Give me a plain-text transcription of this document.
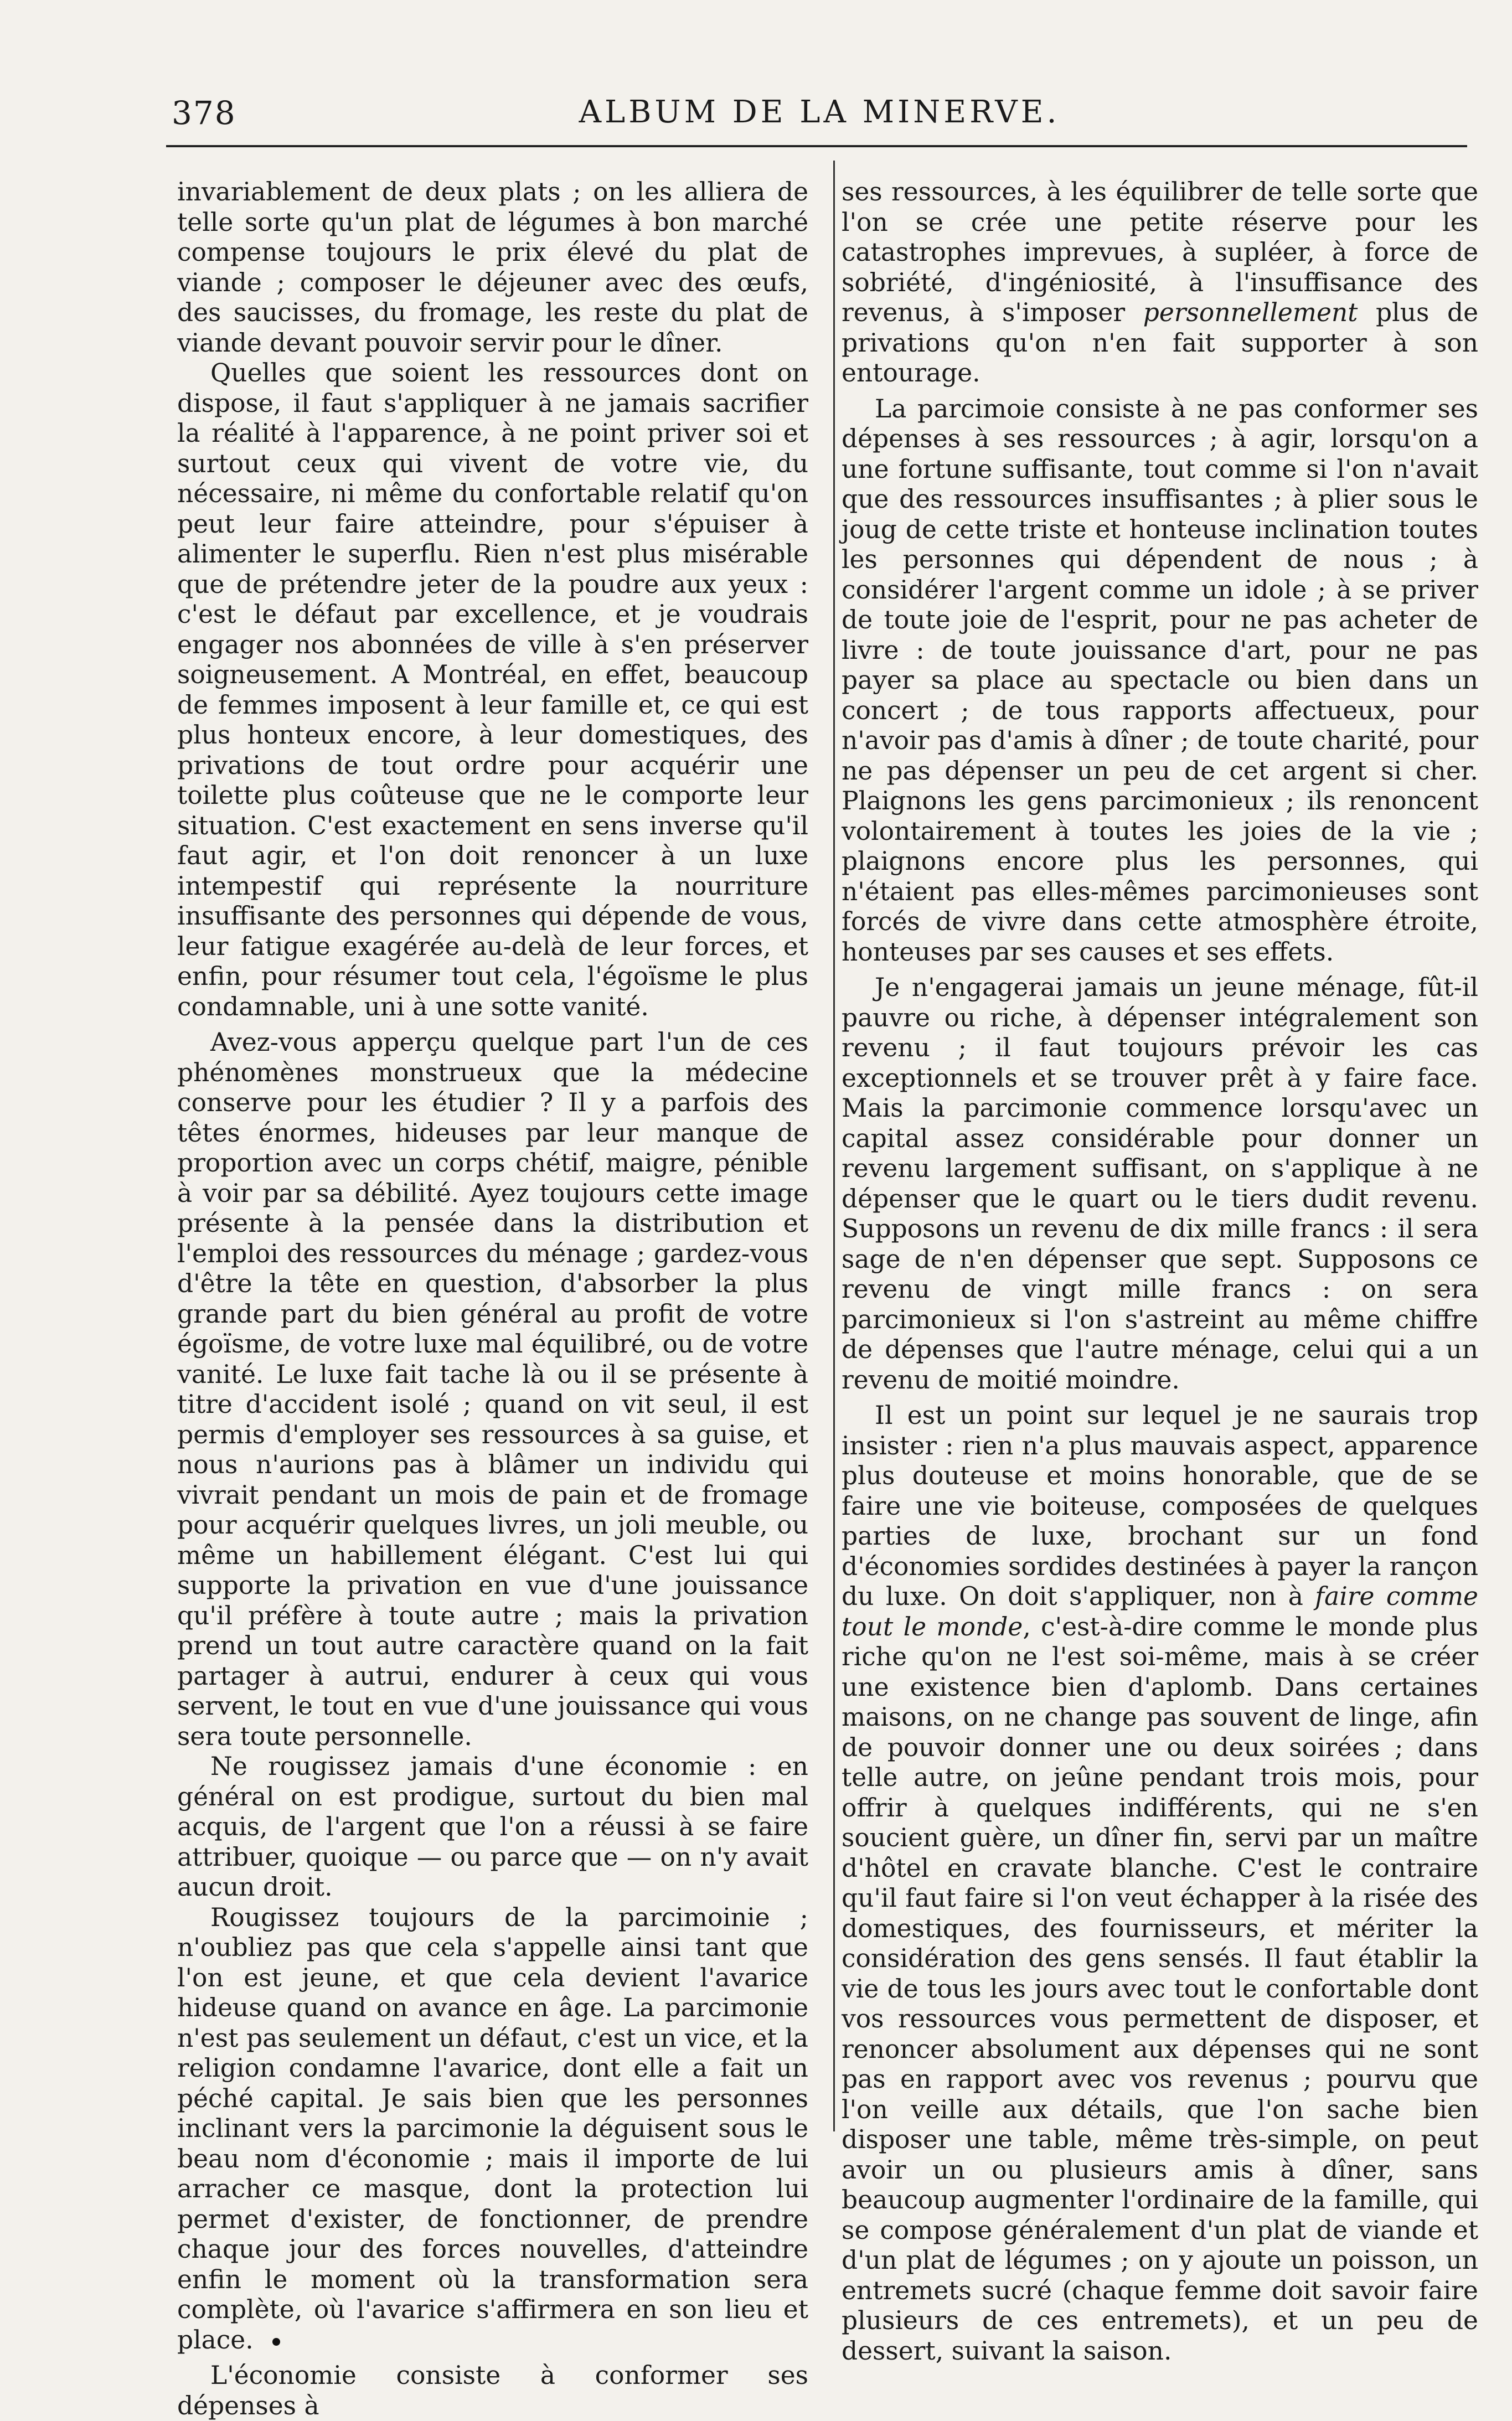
378	ALBUM DE LA MINERVE.

invariablement de deux plats ; on les alliera de telle sorte qu'un plat de légumes à bon marché compense toujours le prix élevé du plat de viande ; composer le déjeuner avec des œufs, des saucisses, du fromage, les reste du plat de viande devant pouvoir servir pour le dîner.

Quelles que soient les ressources dont on dispose, il faut s'appliquer à ne jamais sacrifier la réalité à l'apparence, à ne point priver soi et surtout ceux qui vivent de votre vie, du nécessaire, ni même du confortable relatif qu'on peut leur faire atteindre, pour s'épuiser à alimenter le superflu. Rien n'est plus misérable que de prétendre jeter de la poudre aux yeux : c'est le défaut par excellence, et je voudrais engager nos abonnées de ville à s'en préserver soigneusement. A Montréal, en effet, beaucoup de femmes imposent à leur famille et, ce qui est plus honteux encore, à leur domestiques, des privations de tout ordre pour acquérir une toilette plus coûteuse que ne le comporte leur situation. C'est exactement en sens inverse qu'il faut agir, et l'on doit renoncer à un luxe intempestif qui représente la nourriture insuffisante des personnes qui dépende de vous, leur fatigue exagérée au-delà de leur forces, et enfin, pour résumer tout cela, l'égoïsme le plus condamnable, uni à une sotte vanité.

Avez-vous apperçu quelque part l'un de ces phénomènes monstrueux que la médecine conserve pour les étudier ? Il y a parfois des têtes énormes, hideuses par leur manque de proportion avec un corps chétif, maigre, pénible à voir par sa débilité. Ayez toujours cette image présente à la pensée dans la distribution et l'emploi des ressources du ménage ; gardez-vous d'être la tête en question, d'absorber la plus grande part du bien général au profit de votre égoïsme, de votre luxe mal équilibré, ou de votre vanité. Le luxe fait tache là ou il se présente à titre d'accident isolé ; quand on vit seul, il est permis d'employer ses ressources à sa guise, et nous n'aurions pas à blâmer un individu qui vivrait pendant un mois de pain et de fromage pour acquérir quelques livres, un joli meuble, ou même un habillement élégant. C'est lui qui supporte la privation en vue d'une jouissance qu'il préfère à toute autre ; mais la privation prend un tout autre caractère quand on la fait partager à autrui, endurer à ceux qui vous servent, le tout en vue d'une jouissance qui vous sera toute personnelle.

Ne rougissez jamais d'une économie : en général on est prodigue, surtout du bien mal acquis, de l'argent que l'on a réussi à se faire attribuer, quoique — ou parce que — on n'y avait aucun droit.

Rougissez toujours de la parcimoinie ; n'oubliez pas que cela s'appelle ainsi tant que l'on est jeune, et que cela devient l'avarice hideuse quand on avance en âge. La parcimonie n'est pas seulement un défaut, c'est un vice, et la religion condamne l'avarice, dont elle a fait un péché capital. Je sais bien que les personnes inclinant vers la parcimonie la déguisent sous le beau nom d'économie ; mais il importe de lui arracher ce masque, dont la protection lui permet d'exister, de fonctionner, de prendre chaque jour des forces nouvelles, d'atteindre enfin le moment où la transformation sera complète, où l'avarice s'affirmera en son lieu et place.

L'économie consiste à conformer ses dépenses à

ses ressources, à les équilibrer de telle sorte que l'on se crée une petite réserve pour les catastrophes imprevues, à supléer, à force de sobriété, d'ingéniosité, à l'insuffisance des revenus, à s'imposer personnellement plus de privations qu'on n'en fait supporter à son entourage.

La parcimoie consiste à ne pas conformer ses dépenses à ses ressources ; à agir, lorsqu'on a une fortune suffisante, tout comme si l'on n'avait que des ressources insuffisantes ; à plier sous le joug de cette triste et honteuse inclination toutes les personnes qui dépendent de nous ; à considérer l'argent comme un idole ; à se priver de toute joie de l'esprit, pour ne pas acheter de livre : de toute jouissance d'art, pour ne pas payer sa place au spectacle ou bien dans un concert ; de tous rapports affectueux, pour n'avoir pas d'amis à dîner ; de toute charité, pour ne pas dépenser un peu de cet argent si cher. Plaignons les gens parcimonieux ; ils renoncent volontairement à toutes les joies de la vie ; plaignons encore plus les personnes, qui n'étaient pas elles-mêmes parcimonieuses sont forcés de vivre dans cette atmosphère étroite, honteuses par ses causes et ses effets.

Je n'engagerai jamais un jeune ménage, fût-il pauvre ou riche, à dépenser intégralement son revenu ; il faut toujours prévoir les cas exceptionnels et se trouver prêt à y faire face. Mais la parcimonie commence lorsqu'avec un capital assez considérable pour donner un revenu largement suffisant, on s'applique à ne dépenser que le quart ou le tiers dudit revenu. Supposons un revenu de dix mille francs : il sera sage de n'en dépenser que sept. Supposons ce revenu de vingt mille francs : on sera parcimonieux si l'on s'astreint au même chiffre de dépenses que l'autre ménage, celui qui a un revenu de moitié moindre.

Il est un point sur lequel je ne saurais trop insister : rien n'a plus mauvais aspect, apparence plus douteuse et moins honorable, que de se faire une vie boiteuse, composées de quelques parties de luxe, brochant sur un fond d'économies sordides destinées à payer la rançon du luxe. On doit s'appliquer, non à faire comme tout le monde, c'est-à-dire comme le monde plus riche qu'on ne l'est soi-même, mais à se créer une existence bien d'aplomb. Dans certaines maisons, on ne change pas souvent de linge, afin de pouvoir donner une ou deux soirées ; dans telle autre, on jeûne pendant trois mois, pour offrir à quelques indifférents, qui ne s'en soucient guère, un dîner fin, servi par un maître d'hôtel en cravate blanche. C'est le contraire qu'il faut faire si l'on veut échapper à la risée des domestiques, des fournisseurs, et mériter la considération des gens sensés. Il faut établir la vie de tous les jours avec tout le confortable dont vos ressources vous permettent de disposer, et renoncer absolument aux dépenses qui ne sont pas en rapport avec vos revenus ; pourvu que l'on veille aux détails, que l'on sache bien disposer une table, même très-simple, on peut avoir un ou plusieurs amis à dîner, sans beaucoup augmenter l'ordinaire de la famille, qui se compose généralement d'un plat de viande et d'un plat de légumes ; on y ajoute un poisson, un entremets sucré (chaque femme doit savoir faire plusieurs de ces entremets), et un peu de dessert, suivant la saison.
